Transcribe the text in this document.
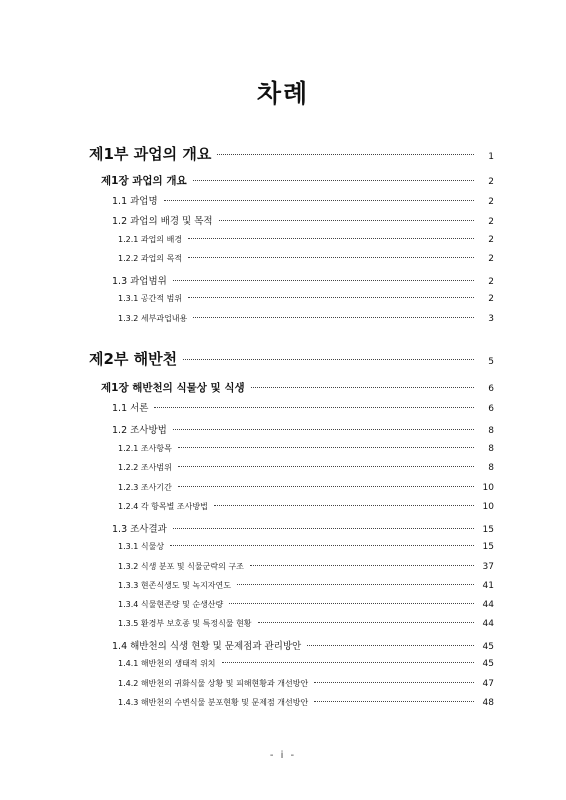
차례
제1부 과업의 개요	1
제1장 과업의 개요	2
1.1 과업명	2
1.2 과업의 배경 및 목적	2
1.2.1 과업의 배경	2
1.2.2 과업의 목적	2
1.3 과업범위	2
1.3.1 공간적 범위	2
1.3.2 세부과업내용	3
제2부 해반천	5
제1장 해반천의 식물상 및 식생	6
1.1 서론	6
1.2 조사방법	8
1.2.1 조사항목	8
1.2.2 조사범위	8
1.2.3 조사기간	10
1.2.4 각 항목별 조사방법	10
1.3 조사결과	15
1.3.1 식물상	15
1.3.2 식생 분포 및 식물군락의 구조	37
1.3.3 현존식생도 및 녹지자연도	41
1.3.4 식물현존량 및 순생산량	44
1.3.5 환경부 보호종 및 특정식물 현황	44
1.4 해반천의 식생 현황 및 문제점과 관리방안	45
1.4.1 해반천의 생태적 위치	45
1.4.2 해반천의 귀화식물 상황 및 피해현황과 개선방안	47
1.4.3 해반천의 수변식물 분포현황 및 문제점 개선방안	48
- i -
